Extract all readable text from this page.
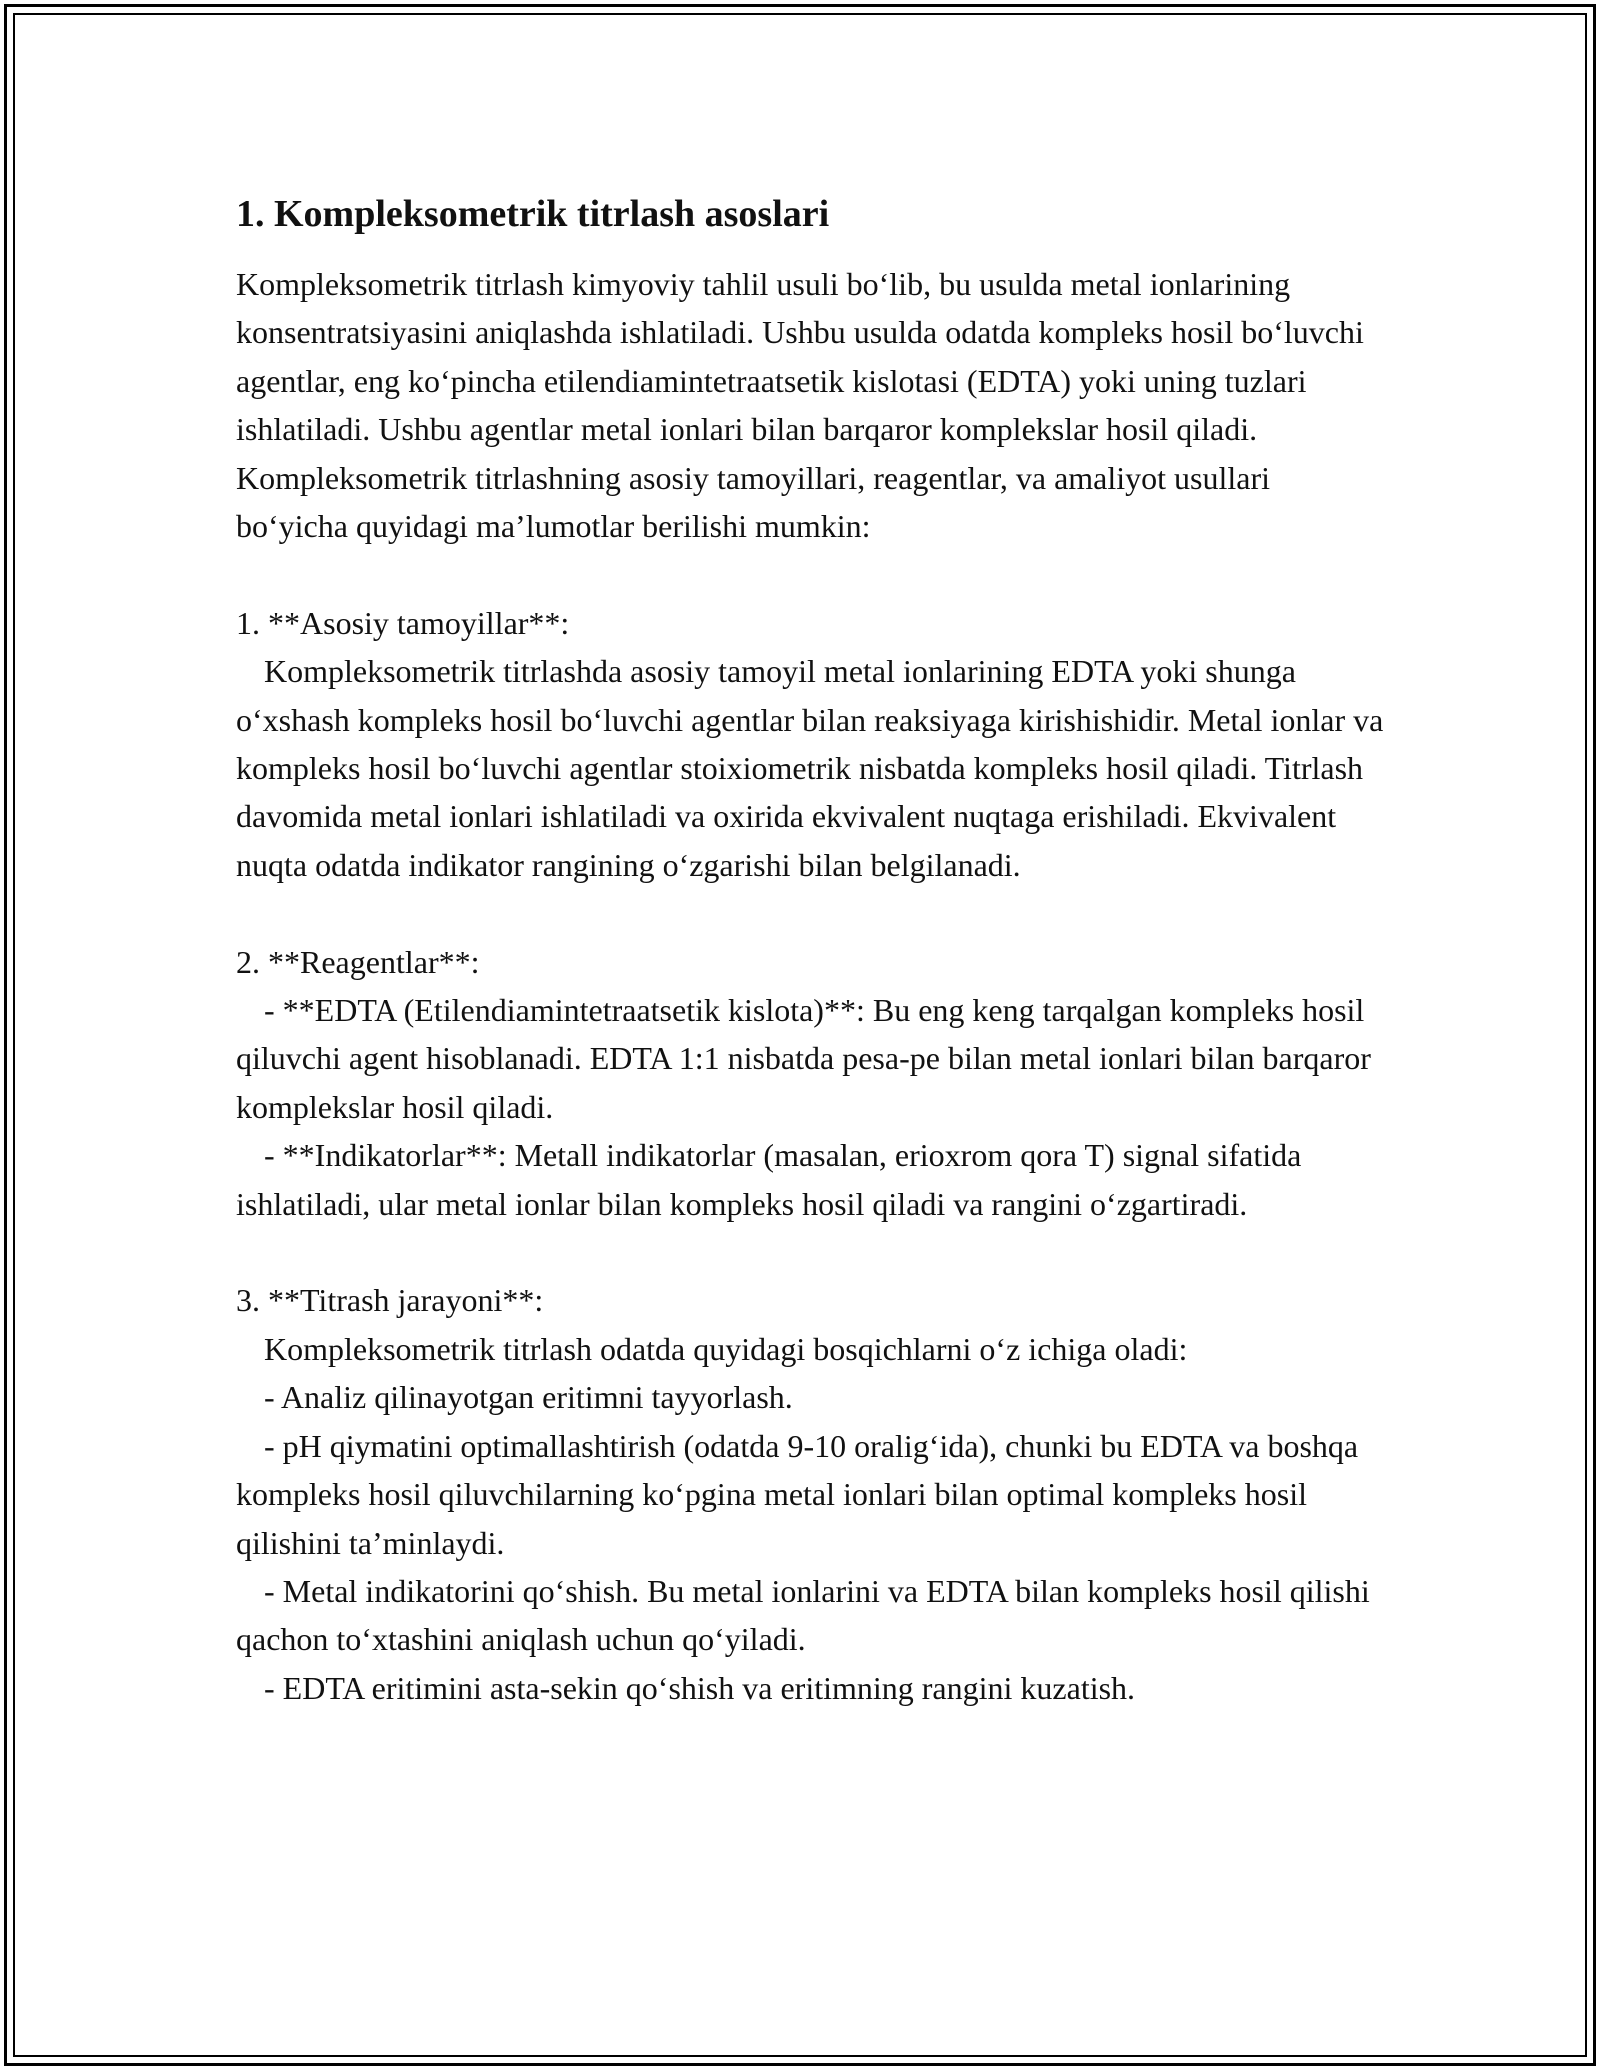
1. Kompleksometrik titrlash asoslari

Kompleksometrik titrlash kimyoviy tahlil usuli bo‘lib, bu usulda metal ionlarining konsentratsiyasini aniqlashda ishlatiladi. Ushbu usulda odatda kompleks hosil bo‘luvchi agentlar, eng ko‘pincha etilendiamintetraatsetik kislotasi (EDTA) yoki uning tuzlari ishlatiladi. Ushbu agentlar metal ionlari bilan barqaror komplekslar hosil qiladi. Kompleksometrik titrlashning asosiy tamoyillari, reagentlar, va amaliyot usullari bo‘yicha quyidagi ma’lumotlar berilishi mumkin:

1. **Asosiy tamoyillar**:

Kompleksometrik titrlashda asosiy tamoyil metal ionlarining EDTA yoki shunga o‘xshash kompleks hosil bo‘luvchi agentlar bilan reaksiyaga kirishishidir. Metal ionlar va kompleks hosil bo‘luvchi agentlar stoixiometrik nisbatda kompleks hosil qiladi. Titrlash davomida metal ionlari ishlatiladi va oxirida ekvivalent nuqtaga erishiladi. Ekvivalent nuqta odatda indikator rangining o‘zgarishi bilan belgilanadi.

2. **Reagentlar**:

- **EDTA (Etilendiamintetraatsetik kislota)**: Bu eng keng tarqalgan kompleks hosil qiluvchi agent hisoblanadi. EDTA 1:1 nisbatda pesa-pe bilan metal ionlari bilan barqaror komplekslar hosil qiladi.

- **Indikatorlar**: Metall indikatorlar (masalan, erioxrom qora T) signal sifatida ishlatiladi, ular metal ionlar bilan kompleks hosil qiladi va rangini o‘zgartiradi.

3. **Titrash jarayoni**:

Kompleksometrik titrlash odatda quyidagi bosqichlarni o‘z ichiga oladi:

- Analiz qilinayotgan eritimni tayyorlash.

- pH qiymatini optimallashtirish (odatda 9-10 oralig‘ida), chunki bu EDTA va boshqa kompleks hosil qiluvchilarning ko‘pgina metal ionlari bilan optimal kompleks hosil qilishini ta’minlaydi.

- Metal indikatorini qo‘shish. Bu metal ionlarini va EDTA bilan kompleks hosil qilishi qachon to‘xtashini aniqlash uchun qo‘yiladi.

- EDTA eritimini asta-sekin qo‘shish va eritimning rangini kuzatish.
